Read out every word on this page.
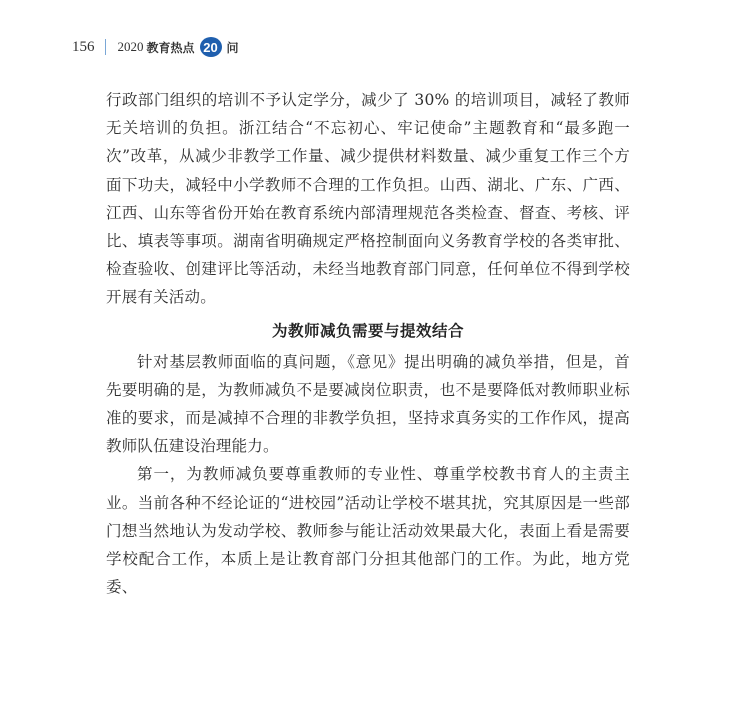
156 2020 教育热点 20 问

行政部门组织的培训不予认定学分，减少了 30% 的培训项目，减轻了教师无关培训的负担。浙江结合“不忘初心、牢记使命”主题教育和“最多跑一次”改革，从减少非教学工作量、减少提供材料数量、减少重复工作三个方面下功夫，减轻中小学教师不合理的工作负担。山西、湖北、广东、广西、江西、山东等省份开始在教育系统内部清理规范各类检查、督查、考核、评比、填表等事项。湖南省明确规定严格控制面向义务教育学校的各类审批、检查验收、创建评比等活动，未经当地教育部门同意，任何单位不得到学校开展有关活动。

为教师减负需要与提效结合

针对基层教师面临的真问题，《意见》提出明确的减负举措，但是，首先要明确的是，为教师减负不是要减岗位职责，也不是要降低对教师职业标准的要求，而是减掉不合理的非教学负担，坚持求真务实的工作作风，提高教师队伍建设治理能力。

第一，为教师减负要尊重教师的专业性、尊重学校教书育人的主责主业。当前各种不经论证的“进校园”活动让学校不堪其扰，究其原因是一些部门想当然地认为发动学校、教师参与能让活动效果最大化，表面上看是需要学校配合工作，本质上是让教育部门分担其他部门的工作。为此，地方党委、
